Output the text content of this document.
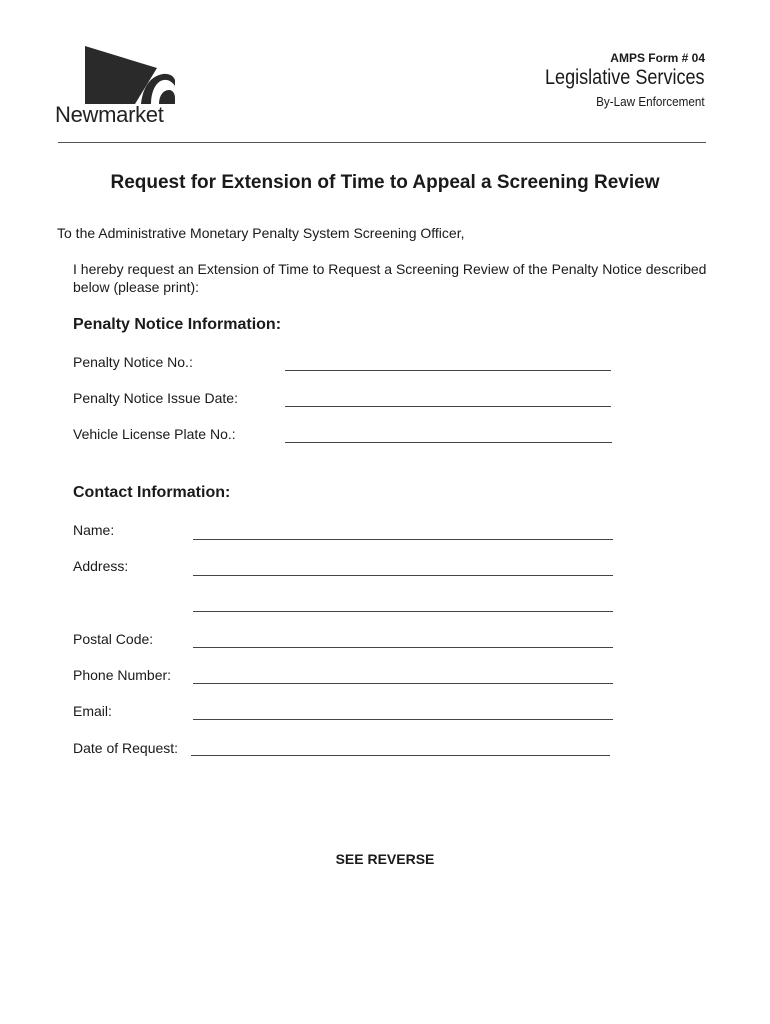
Newmarket
AMPS Form # 04
Legislative Services
By-Law Enforcement
Request for Extension of Time to Appeal a Screening Review
To the Administrative Monetary Penalty System Screening Officer,
I hereby request an Extension of Time to Request a Screening Review of the Penalty Notice described below (please print):
Penalty Notice Information:
Penalty Notice No.:
Penalty Notice Issue Date:
Vehicle License Plate No.:
Contact Information:
Name:
Address:
Postal Code:
Phone Number:
Email:
Date of Request:
SEE REVERSE
